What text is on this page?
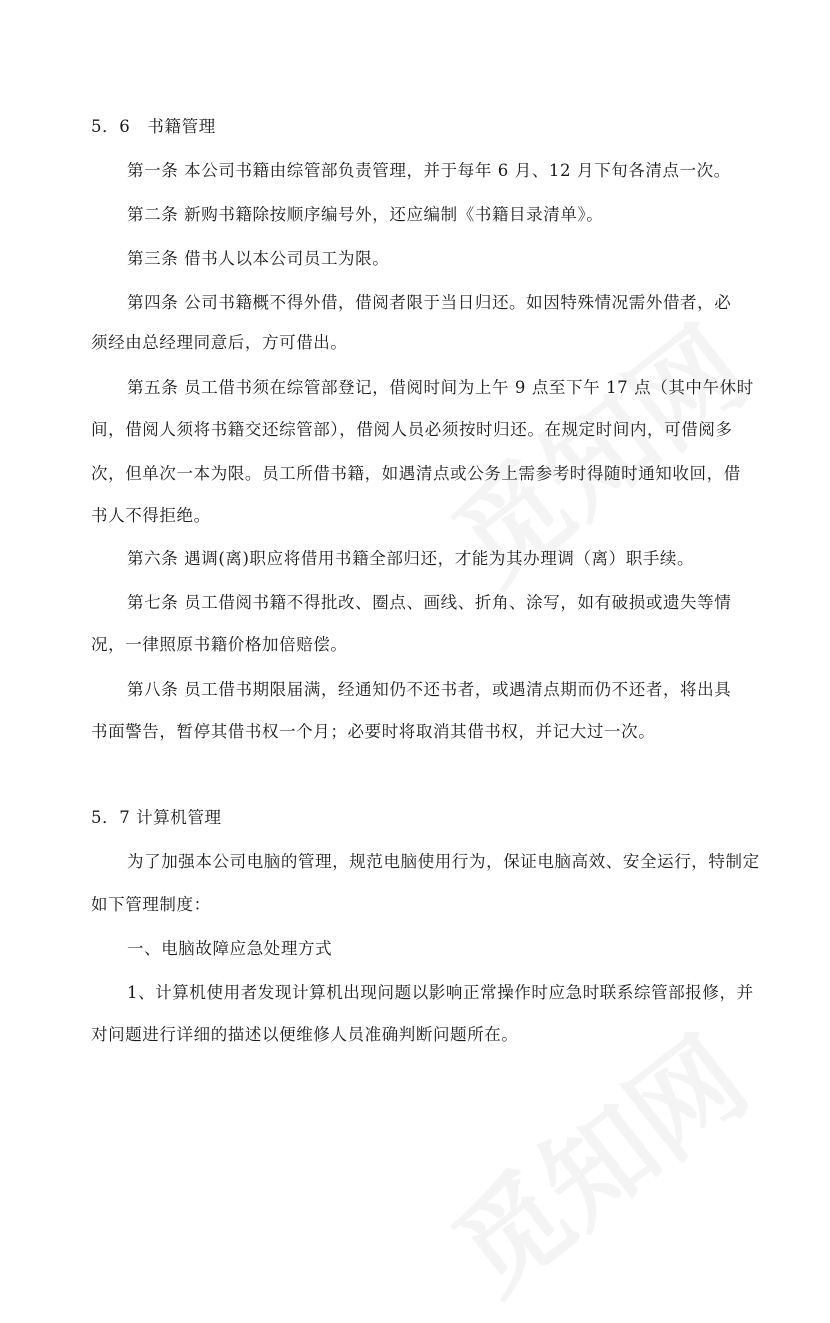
5．6　书籍管理
第一条 本公司书籍由综管部负责管理，并于每年 6 月、12 月下旬各清点一次。
第二条 新购书籍除按顺序编号外，还应编制《书籍目录清单》。
第三条 借书人以本公司员工为限。
第四条 公司书籍概不得外借，借阅者限于当日归还。如因特殊情况需外借者，必
须经由总经理同意后，方可借出。
第五条 员工借书须在综管部登记，借阅时间为上午 9 点至下午 17 点（其中午休时
间，借阅人须将书籍交还综管部），借阅人员必须按时归还。在规定时间内，可借阅多
次，但单次一本为限。员工所借书籍，如遇清点或公务上需参考时得随时通知收回，借
书人不得拒绝。
第六条 遇调(离)职应将借用书籍全部归还，才能为其办理调（离）职手续。
第七条 员工借阅书籍不得批改、圈点、画线、折角、涂写，如有破损或遗失等情
况，一律照原书籍价格加倍赔偿。
第八条 员工借书期限届满，经通知仍不还书者，或遇清点期而仍不还者，将出具
书面警告，暂停其借书权一个月；必要时将取消其借书权，并记大过一次。
5．7 计算机管理
为了加强本公司电脑的管理，规范电脑使用行为，保证电脑高效、安全运行，特制定
如下管理制度：
一、电脑故障应急处理方式
1、计算机使用者发现计算机出现问题以影响正常操作时应急时联系综管部报修，并
对问题进行详细的描述以便维修人员准确判断问题所在。
